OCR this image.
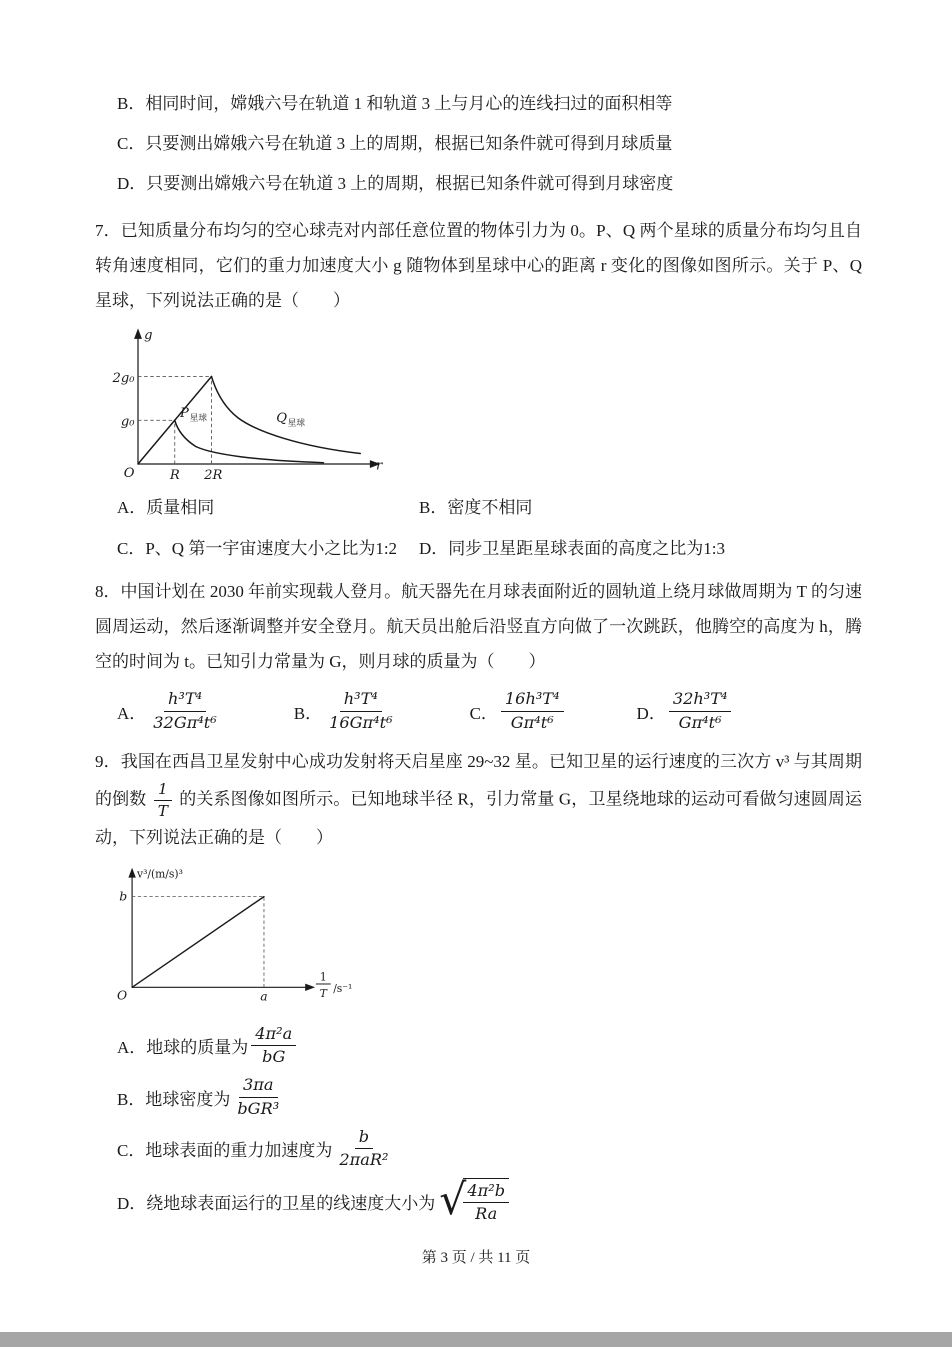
B．相同时间，嫦娥六号在轨道 1 和轨道 3 上与月心的连线扫过的面积相等
C．只要测出嫦娥六号在轨道 3 上的周期，根据已知条件就可得到月球质量
D．只要测出嫦娥六号在轨道 3 上的周期，根据已知条件就可得到月球密度

7．已知质量分布均匀的空心球壳对内部任意位置的物体引力为 0。P、Q 两个星球的质量分布均匀且自转角速度相同，它们的重力加速度大小 g 随物体到星球中心的距离 r 变化的图像如图所示。关于 P、Q 星球，下列说法正确的是（　　）

g
r
2g₀
g₀
O R 2R
P 星球	Q 星球
A．质量相同	B．密度不相同
C．P、Q 第一宇宙速度大小之比为1:2	D．同步卫星距星球表面的高度之比为1:3

8．中国计划在 2030 年前实现载人登月。航天器先在月球表面附近的圆轨道上绕月球做周期为 T 的匀速圆周运动，然后逐渐调整并安全登月。航天员出舱后沿竖直方向做了一次跳跃，他腾空的高度为 h，腾空的时间为 t。已知引力常量为 G，则月球的质量为（　　）

A． $\frac{\text{h³T⁴}}{\text{32Gπ⁴t⁶}}$	B． $\frac{\text{h³T⁴}}{\text{16Gπ⁴t⁶}}$	C． $\frac{\text{16h³T⁴}}{\text{Gπ⁴t⁶}}$	D． $\frac{\text{32h³T⁴}}{\text{Gπ⁴t⁶}}$

9．我国在西昌卫星发射中心成功发射将天启星座 29~32 星。已知卫星的运行速度的三次方 v³ 与其周期的倒数 $\frac{1}{T}$ 的关系图像如图所示。已知地球半径 R，引力常量 G，卫星绕地球的运动可看做匀速圆周运动，下列说法正确的是（　　）

v³/(m/s)³
b
O	a
1
T /s⁻¹
A． 地球的质量为 $\frac{\text{4π²a}}{bG}$
B． 地球密度为 $\frac{3\pi a}{\text{bGR³}}$
C． 地球表面的重力加速度为 $\frac{b}{\text{2πaR²}}$
D． 绕地球表面运行的卫星的线速度大小为 √
$\frac{\text{4π²b}}{Ra}$
第 3 页 / 共 11 页
